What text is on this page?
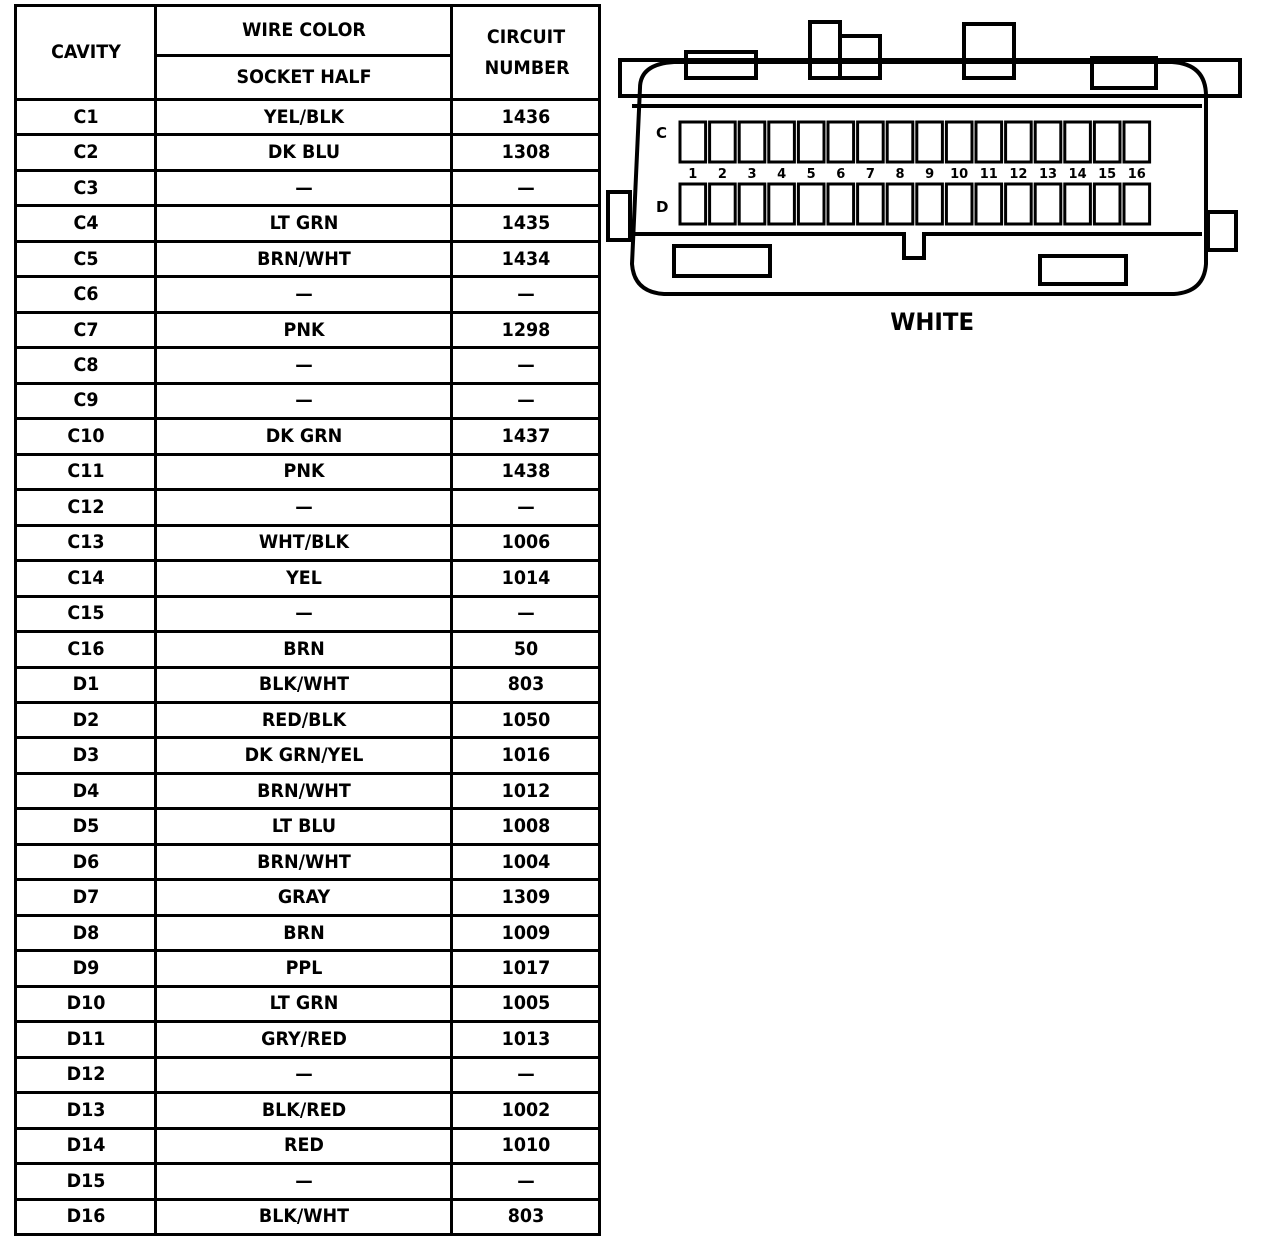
CAVITY	WIRE COLOR	CIRCUIT NUMBER
	SOCKET HALF	
C1	YEL/BLK	1436
C2	DK BLU	1308
C3	—	—
C4	LT GRN	1435
C5	BRN/WHT	1434
C6	—	—
C7	PNK	1298
C8	—	—
C9	—	—
C10	DK GRN	1437
C11	PNK	1438
C12	—	—
C13	WHT/BLK	1006
C14	YEL	1014
C15	—	—
C16	BRN	50
D1	BLK/WHT	803
D2	RED/BLK	1050
D3	DK GRN/YEL	1016
D4	BRN/WHT	1012
D5	LT BLU	1008
D6	BRN/WHT	1004
D7	GRAY	1309
D8	BRN	1009
D9	PPL	1017
D10	LT GRN	1005
D11	GRY/RED	1013
D12	—	—
D13	BLK/RED	1002
D14	RED	1010
D15	—	—
D16	BLK/WHT	803
1 2 3 4 5 6 7 8 9 10 11 12 13 14 15 16
C
D
WHITE
